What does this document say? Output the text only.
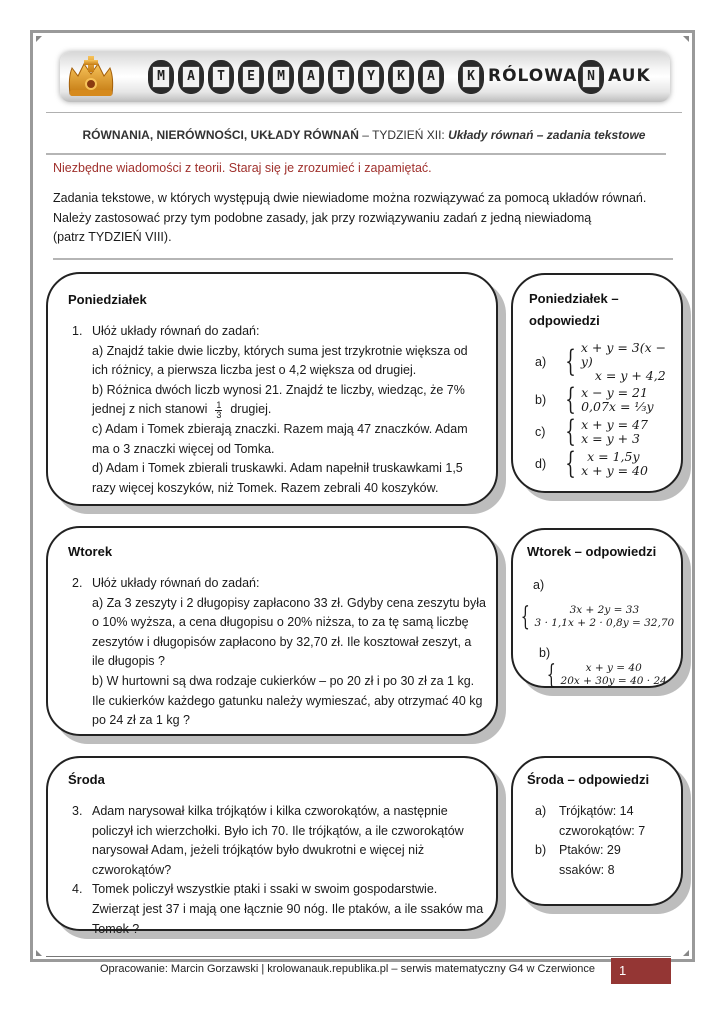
M	A	T	E	M	A	T	Y	K	A	K RÓLOWA N AUK
RÓWNANIA, NIERÓWNOŚCI, UKŁADY RÓWNAŃ – TYDZIEŃ XII: Układy równań – zadania tekstowe
Niezbędne wiadomości z teorii. Staraj się je zrozumieć i zapamiętać.
Zadania tekstowe, w których występują dwie niewiadome można rozwiązywać za pomocą układów równań.
Należy zastosować przy tym podobne zasady, jak przy rozwiązywaniu zadań z jedną niewiadomą
(patrz TYDZIEŃ VIII).
Poniedziałek
1. Ułóż układy równań do zadań:
a) Znajdź takie dwie liczby, których suma jest trzykrotnie większa od ich różnicy, a pierwsza liczba jest o 4,2 większa od drugiej.
b) Różnica dwóch liczb wynosi 21. Znajdź te liczby, wiedząc, że 7% jednej z nich stanowi $\frac{1}{3}$ drugiej.
c) Adam i Tomek zbierają znaczki. Razem mają 47 znaczków. Adam ma o 3 znaczki więcej od Tomka.
d) Adam i Tomek zbierali truskawki. Adam napełnił truskawkami 1,5 razy więcej koszyków, niż Tomek. Razem zebrali 40 koszyków.
Poniedziałek –
odpowiedzi
a) { x + y = 3(x − y)
x = y + 4,2
b) { x − y = 21
0,07x = ⅓y
c) { x + y = 47
x = y + 3
d) { x = 1,5y
x + y = 40
Wtorek
2. Ułóż układy równań do zadań:
a) Za 3 zeszyty i 2 długopisy zapłacono 33 zł. Gdyby cena zeszytu była o 10% wyższa, a cena długopisu o 20% niższa, to za tę samą liczbę zeszytów i długopisów zapłacono by 32,70 zł. Ile kosztował zeszyt, a ile długopis ?
b) W hurtowni są dwa rodzaje cukierków – po 20 zł i po 30 zł za 1 kg. Ile cukierków każdego gatunku należy wymieszać, aby otrzymać 40 kg po 24 zł za 1 kg ?
Wtorek – odpowiedzi
a)
{	3x + 2y = 33
3 · 1,1x + 2 · 0,8y = 32,70
b)
{	x + y = 40
20x + 30y = 40 · 24
Środa
3. Adam narysował kilka trójkątów i kilka czworokątów, a następnie policzył ich wierzchołki. Było ich 70. Ile trójkątów, a ile czworokątów narysował Adam, jeżeli trójkątów było dwukrotni e więcej niż czworokątów?
4. Tomek policzył wszystkie ptaki i ssaki w swoim gospodarstwie. Zwierząt jest 37 i mają one łącznie 90 nóg. Ile ptaków, a ile ssaków ma Tomek ?
Środa – odpowiedzi
a)	Trójkątów: 14
czworokątów: 7
b)	Ptaków: 29
ssaków: 8
Opracowanie: Marcin Gorzawski | krolowanauk.republika.pl – serwis matematyczny G4 w Czerwionce	1
